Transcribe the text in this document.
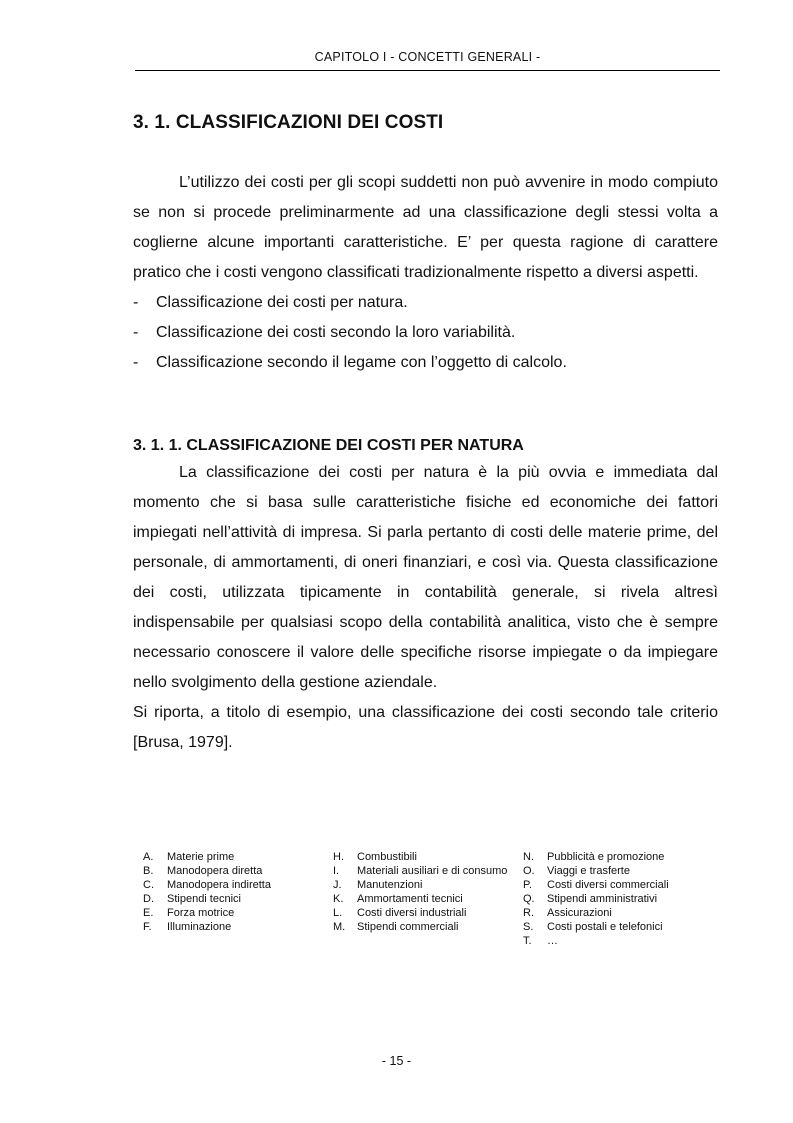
CAPITOLO I - CONCETTI GENERALI -
3. 1. CLASSIFICAZIONI DEI COSTI

L’utilizzo dei costi per gli scopi suddetti non può avvenire in modo compiuto se non si procede preliminarmente ad una classificazione degli stessi volta a coglierne alcune importanti caratteristiche. E’ per questa ragione di carattere pratico che i costi vengono classificati tradizionalmente rispetto a diversi aspetti.

- Classificazione dei costi per natura.
- Classificazione dei costi secondo la loro variabilità.
- Classificazione secondo il legame con l’oggetto di calcolo.
3. 1. 1. CLASSIFICAZIONE DEI COSTI PER NATURA

La classificazione dei costi per natura è la più ovvia e immediata dal momento che si basa sulle caratteristiche fisiche ed economiche dei fattori impiegati nell’attività di impresa. Si parla pertanto di costi delle materie prime, del personale, di ammortamenti, di oneri finanziari, e così via. Questa classificazione dei costi, utilizzata tipicamente in contabilità generale, si rivela altresì indispensabile per qualsiasi scopo della contabilità analitica, visto che è sempre necessario conoscere il valore delle specifiche risorse impiegate o da impiegare nello svolgimento della gestione aziendale.

Si riporta, a titolo di esempio, una classificazione dei costi secondo tale criterio [Brusa, 1979].

A.	Materie prime
B.	Manodopera diretta
C.	Manodopera indiretta
D.	Stipendi tecnici
E.	Forza motrice
F.	Illuminazione
H.	Combustibili
I.	Materiali ausiliari e di consumo
J.	Manutenzioni
K.	Ammortamenti tecnici
L.	Costi diversi industriali
M.	Stipendi commerciali
N.	Pubblicità e promozione
O.	Viaggi e trasferte
P.	Costi diversi commerciali
Q.	Stipendi amministrativi
R.	Assicurazioni
S.	Costi postali e telefonici
T.	…
- 15 -
